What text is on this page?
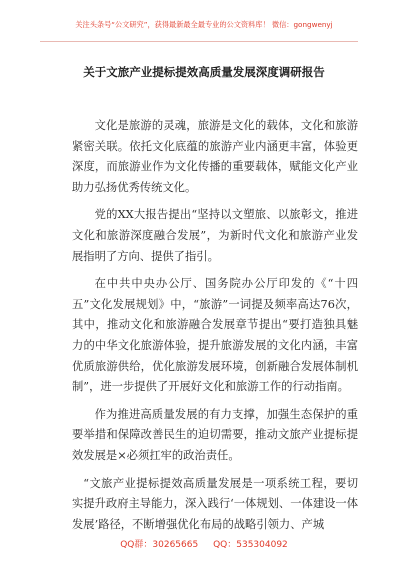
关注头条号“公文研究”，获得最新最全最专业的公文资料库！ 微信：gongwenyj
关于文旅产业提标提效高质量发展深度调研报告

文化是旅游的灵魂，旅游是文化的载体，文化和旅游紧密关联。依托文化底蕴的旅游产业内涵更丰富，体验更深度，而旅游业作为文化传播的重要载体，赋能文化产业助力弘扬优秀传统文化。

党的XX大报告提出“坚持以文塑旅、以旅彰文，推进文化和旅游深度融合发展”，为新时代文化和旅游产业发展指明了方向、提供了指引。

在中共中央办公厅、国务院办公厅印发的《“十四五”文化发展规划》中，“旅游”一词提及频率高达76次，其中，推动文化和旅游融合发展章节提出“要打造独具魅力的中华文化旅游体验，提升旅游发展的文化内涵，丰富优质旅游供给，优化旅游发展环境，创新融合发展体制机制”，进一步提供了开展好文化和旅游工作的行动指南。

作为推进高质量发展的有力支撑，加强生态保护的重要举措和保障改善民生的迫切需要，推动文旅产业提标提效发展是×必须扛牢的政治责任。

“文旅产业提标提效高质量发展是一项系统工程，要切实提升政府主导能力，深入践行‘一体规划、一体建设一体发展’路径，不断增强优化布局的战略引领力、产城

QQ群：30265665 QQ：535304092
